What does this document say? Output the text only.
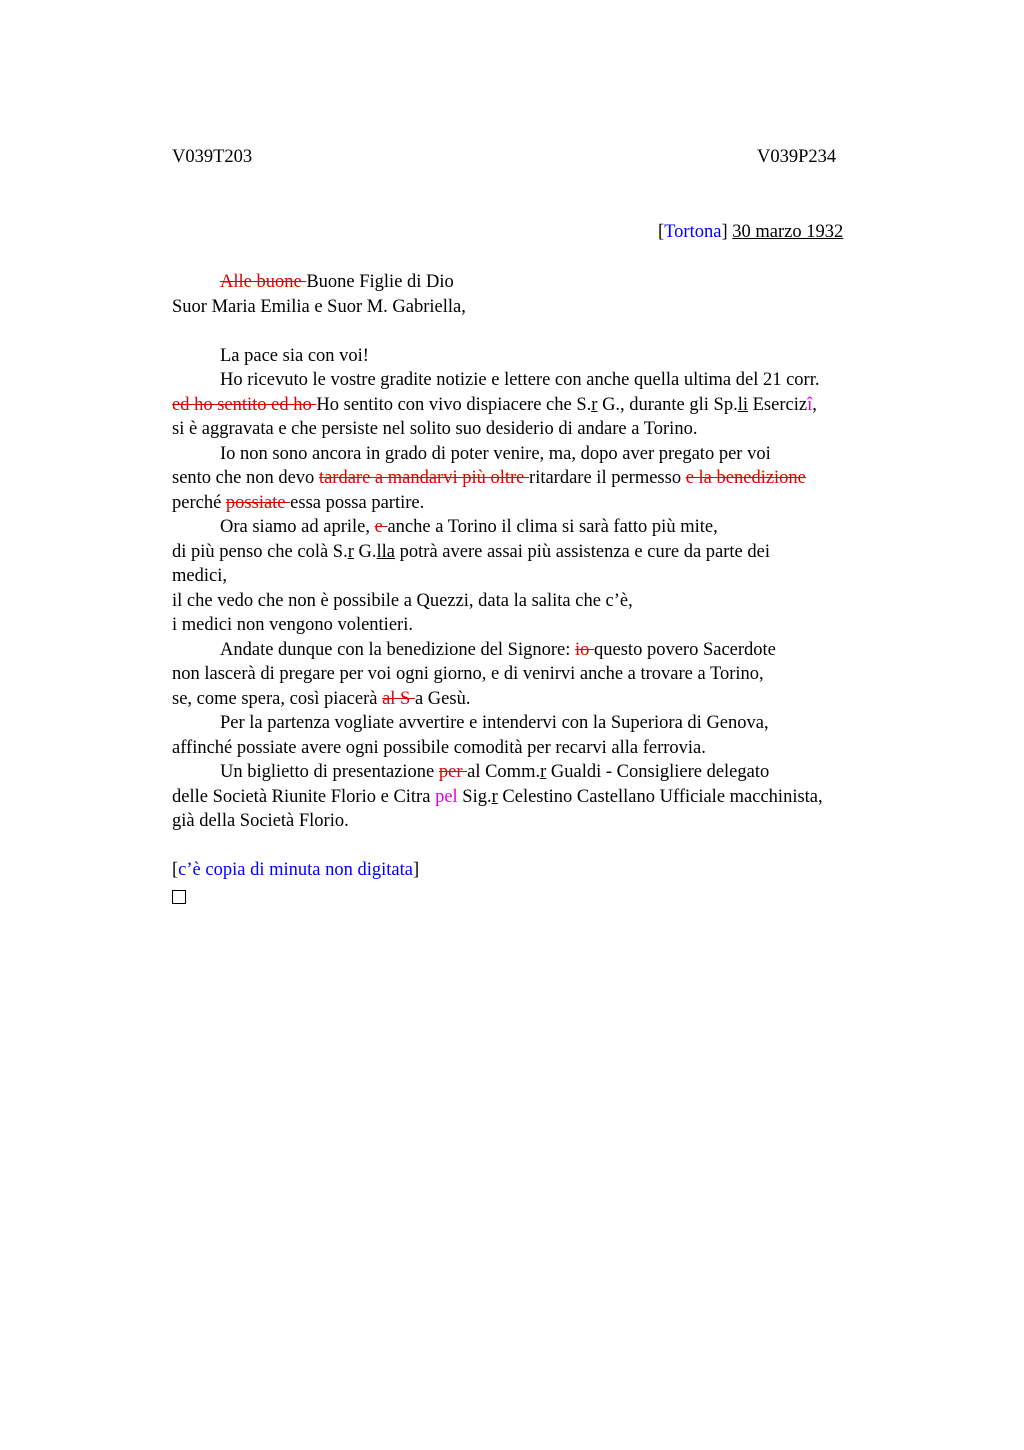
V039T203	V039P234
[Tortona] 30 marzo 1932
Alle buone Buone Figlie di Dio
Suor Maria Emilia e Suor M. Gabriella,
La pace sia con voi!
Ho ricevuto le vostre gradite notizie e lettere con anche quella ultima del 21 corr.
ed ho sentito ed ho Ho sentito con vivo dispiacere che S.r G., durante gli Sp.li Esercizî,
si è aggravata e che persiste nel solito suo desiderio di andare a Torino.
Io non sono ancora in grado di poter venire, ma, dopo aver pregato per voi
sento che non devo tardare a mandarvi più oltre ritardare il permesso e la benedizione
perché possiate essa possa partire.
Ora siamo ad aprile, e anche a Torino il clima si sarà fatto più mite,
di più penso che colà S.r G.lla potrà avere assai più assistenza e cure da parte dei
medici,
il che vedo che non è possibile a Quezzi, data la salita che c’è,
i medici non vengono volentieri.
Andate dunque con la benedizione del Signore: io questo povero Sacerdote
non lascerà di pregare per voi ogni giorno, e di venirvi anche a trovare a Torino,
se, come spera, così piacerà al S a Gesù.
Per la partenza vogliate avvertire e intendervi con la Superiora di Genova,
affinché possiate avere ogni possibile comodità per recarvi alla ferrovia.
Un biglietto di presentazione per al Comm.r Gualdi - Consigliere delegato
delle Società Riunite Florio e Citra pel Sig.r Celestino Castellano Ufficiale macchinista,
già della Società Florio.
[c’è copia di minuta non digitata]
